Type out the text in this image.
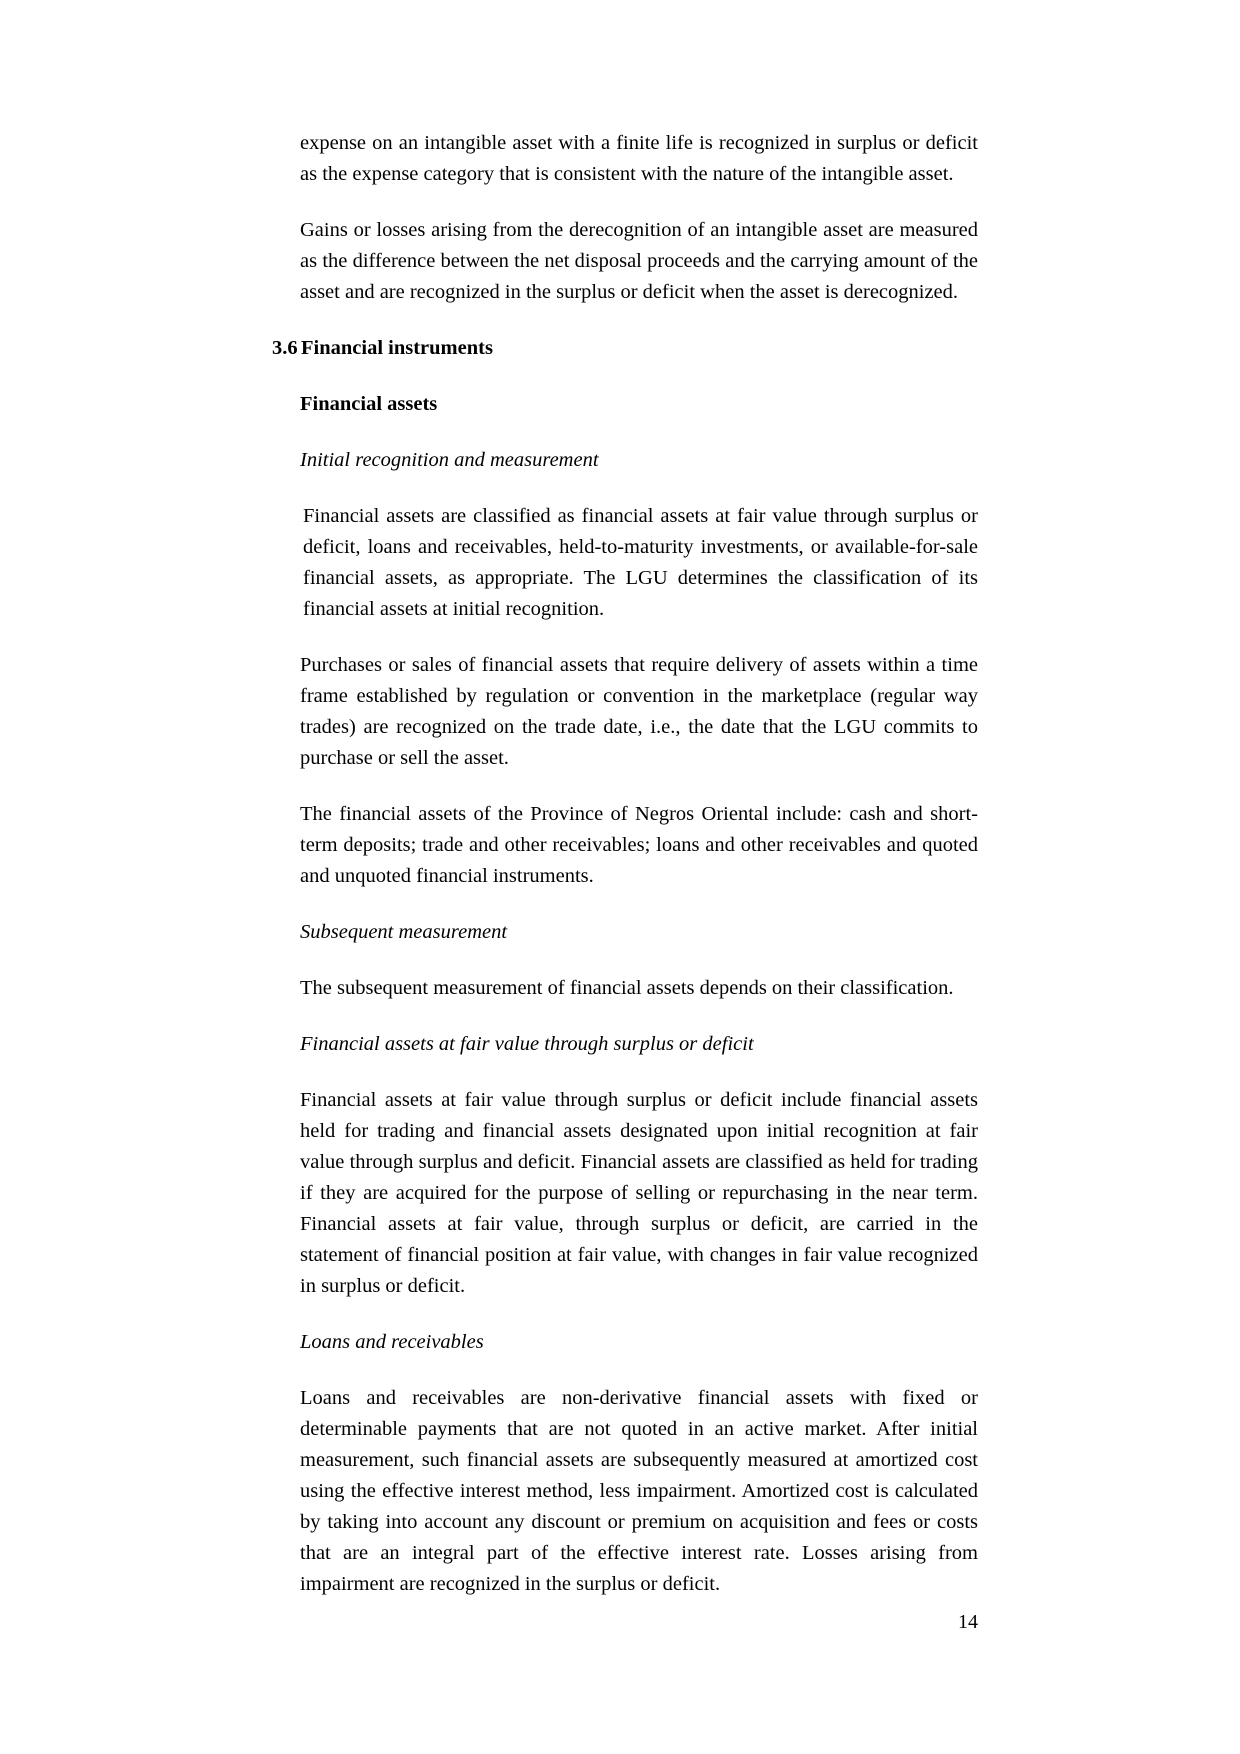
expense on an intangible asset with a finite life is recognized in surplus or deficit as the expense category that is consistent with the nature of the intangible asset.

Gains or losses arising from the derecognition of an intangible asset are measured as the difference between the net disposal proceeds and the carrying amount of the asset and are recognized in the surplus or deficit when the asset is derecognized.

3.6 Financial instruments
Financial assets
Initial recognition and measurement

Financial assets are classified as financial assets at fair value through surplus or deficit, loans and receivables, held-to-maturity investments, or available-for-sale financial assets, as appropriate. The LGU determines the classification of its financial assets at initial recognition.

Purchases or sales of financial assets that require delivery of assets within a time frame established by regulation or convention in the marketplace (regular way trades) are recognized on the trade date, i.e., the date that the LGU commits to purchase or sell the asset.

The financial assets of the Province of Negros Oriental include: cash and short-term deposits; trade and other receivables; loans and other receivables and quoted and unquoted financial instruments.

Subsequent measurement

The subsequent measurement of financial assets depends on their classification.

Financial assets at fair value through surplus or deficit

Financial assets at fair value through surplus or deficit include financial assets held for trading and financial assets designated upon initial recognition at fair value through surplus and deficit. Financial assets are classified as held for trading if they are acquired for the purpose of selling or repurchasing in the near term. Financial assets at fair value, through surplus or deficit, are carried in the statement of financial position at fair value, with changes in fair value recognized in surplus or deficit.

Loans and receivables

Loans and receivables are non-derivative financial assets with fixed or determinable payments that are not quoted in an active market. After initial measurement, such financial assets are subsequently measured at amortized cost using the effective interest method, less impairment. Amortized cost is calculated by taking into account any discount or premium on acquisition and fees or costs that are an integral part of the effective interest rate. Losses arising from impairment are recognized in the surplus or deficit.

14
